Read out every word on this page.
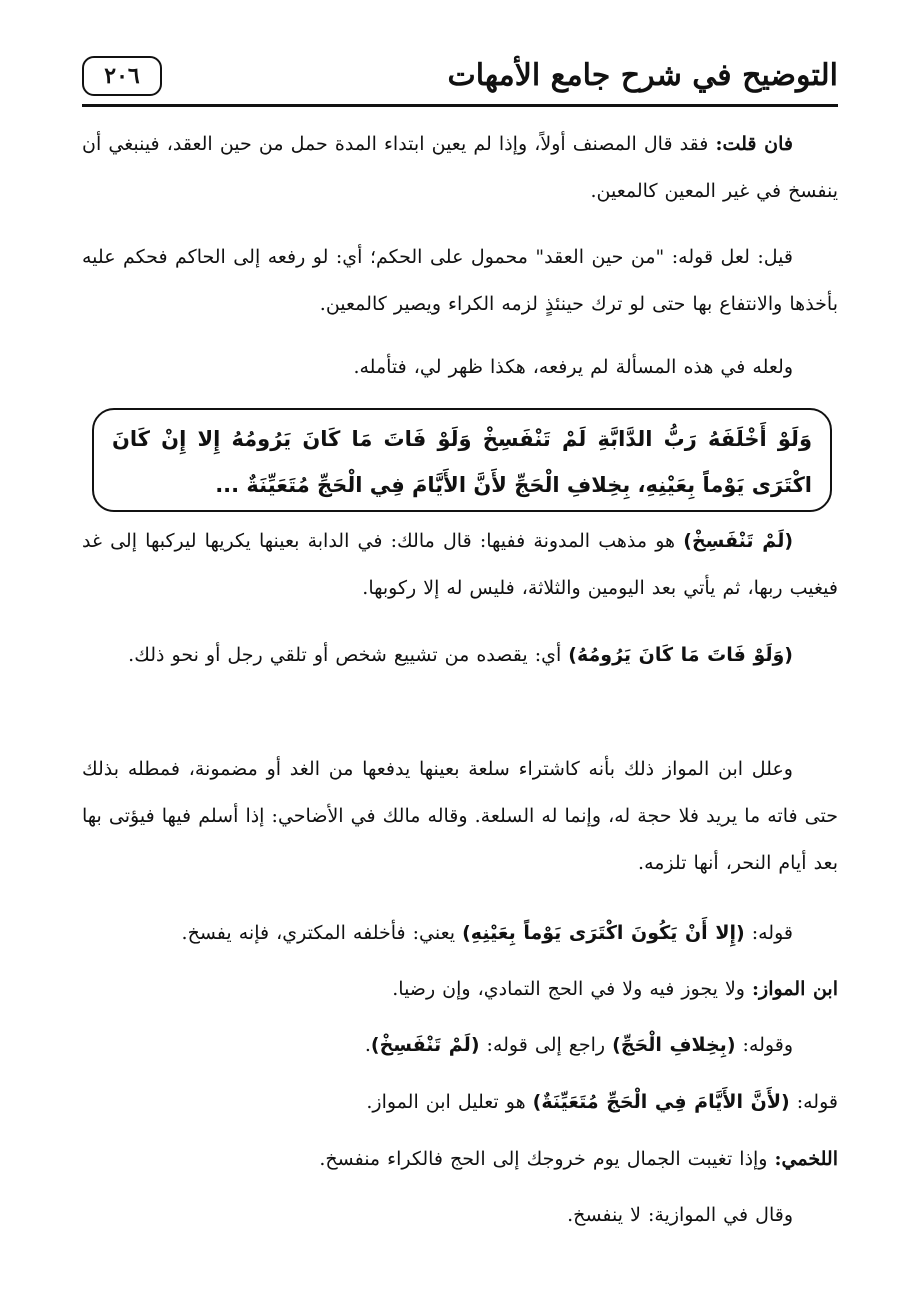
التوضيح في شرح جامع الأمهات
٢٠٦

فان قلت: فقد قال المصنف أولاً، وإذا لم يعين ابتداء المدة حمل من حين العقد، فينبغي أن ينفسخ في غير المعين كالمعين.

قيل: لعل قوله: "من حين العقد" محمول على الحكم؛ أي: لو رفعه إلى الحاكم فحكم عليه بأخذها والانتفاع بها حتى لو ترك حينئذٍ لزمه الكراء ويصير كالمعين.

ولعله في هذه المسألة لم يرفعه، هكذا ظهر لي، فتأمله.

وَلَوْ أَخْلَفَهُ رَبُّ الدَّابَّةِ لَمْ تَنْفَسِخْ وَلَوْ فَاتَ مَا كَانَ يَرُومُهُ إِلا إِنْ كَانَ اكْتَرَى يَوْماً بِعَيْنِهِ، بِخِلافِ الْحَجِّ لأَنَّ الأَيَّامَ فِي الْحَجِّ مُتَعَيِّنَةٌ ...

(لَمْ تَنْفَسِخْ) هو مذهب المدونة ففيها: قال مالك: في الدابة بعينها يكريها ليركبها إلى غد فيغيب ربها، ثم يأتي بعد اليومين والثلاثة، فليس له إلا ركوبها.

(وَلَوْ فَاتَ مَا كَانَ يَرُومُهُ) أي: يقصده من تشييع شخص أو تلقي رجل أو نحو ذلك.

وعلل ابن المواز ذلك بأنه كاشتراء سلعة بعينها يدفعها من الغد أو مضمونة، فمطله بذلك حتى فاته ما يريد فلا حجة له، وإنما له السلعة. وقاله مالك في الأضاحي: إذا أسلم فيها فيؤتى بها بعد أيام النحر، أنها تلزمه.

قوله: (إِلا أَنْ يَكُونَ اكْتَرَى يَوْماً بِعَيْنِهِ) يعني: فأخلفه المكتري، فإنه يفسخ.

ابن المواز: ولا يجوز فيه ولا في الحج التمادي، وإن رضيا.

وقوله: (بِخِلافِ الْحَجِّ) راجع إلى قوله: (لَمْ تَنْفَسِخْ).

قوله: (لأَنَّ الأَيَّامَ فِي الْحَجِّ مُتَعَيِّنَةٌ) هو تعليل ابن المواز.

اللخمي: وإذا تغيبت الجمال يوم خروجك إلى الحج فالكراء منفسخ.

وقال في الموازية: لا ينفسخ.
